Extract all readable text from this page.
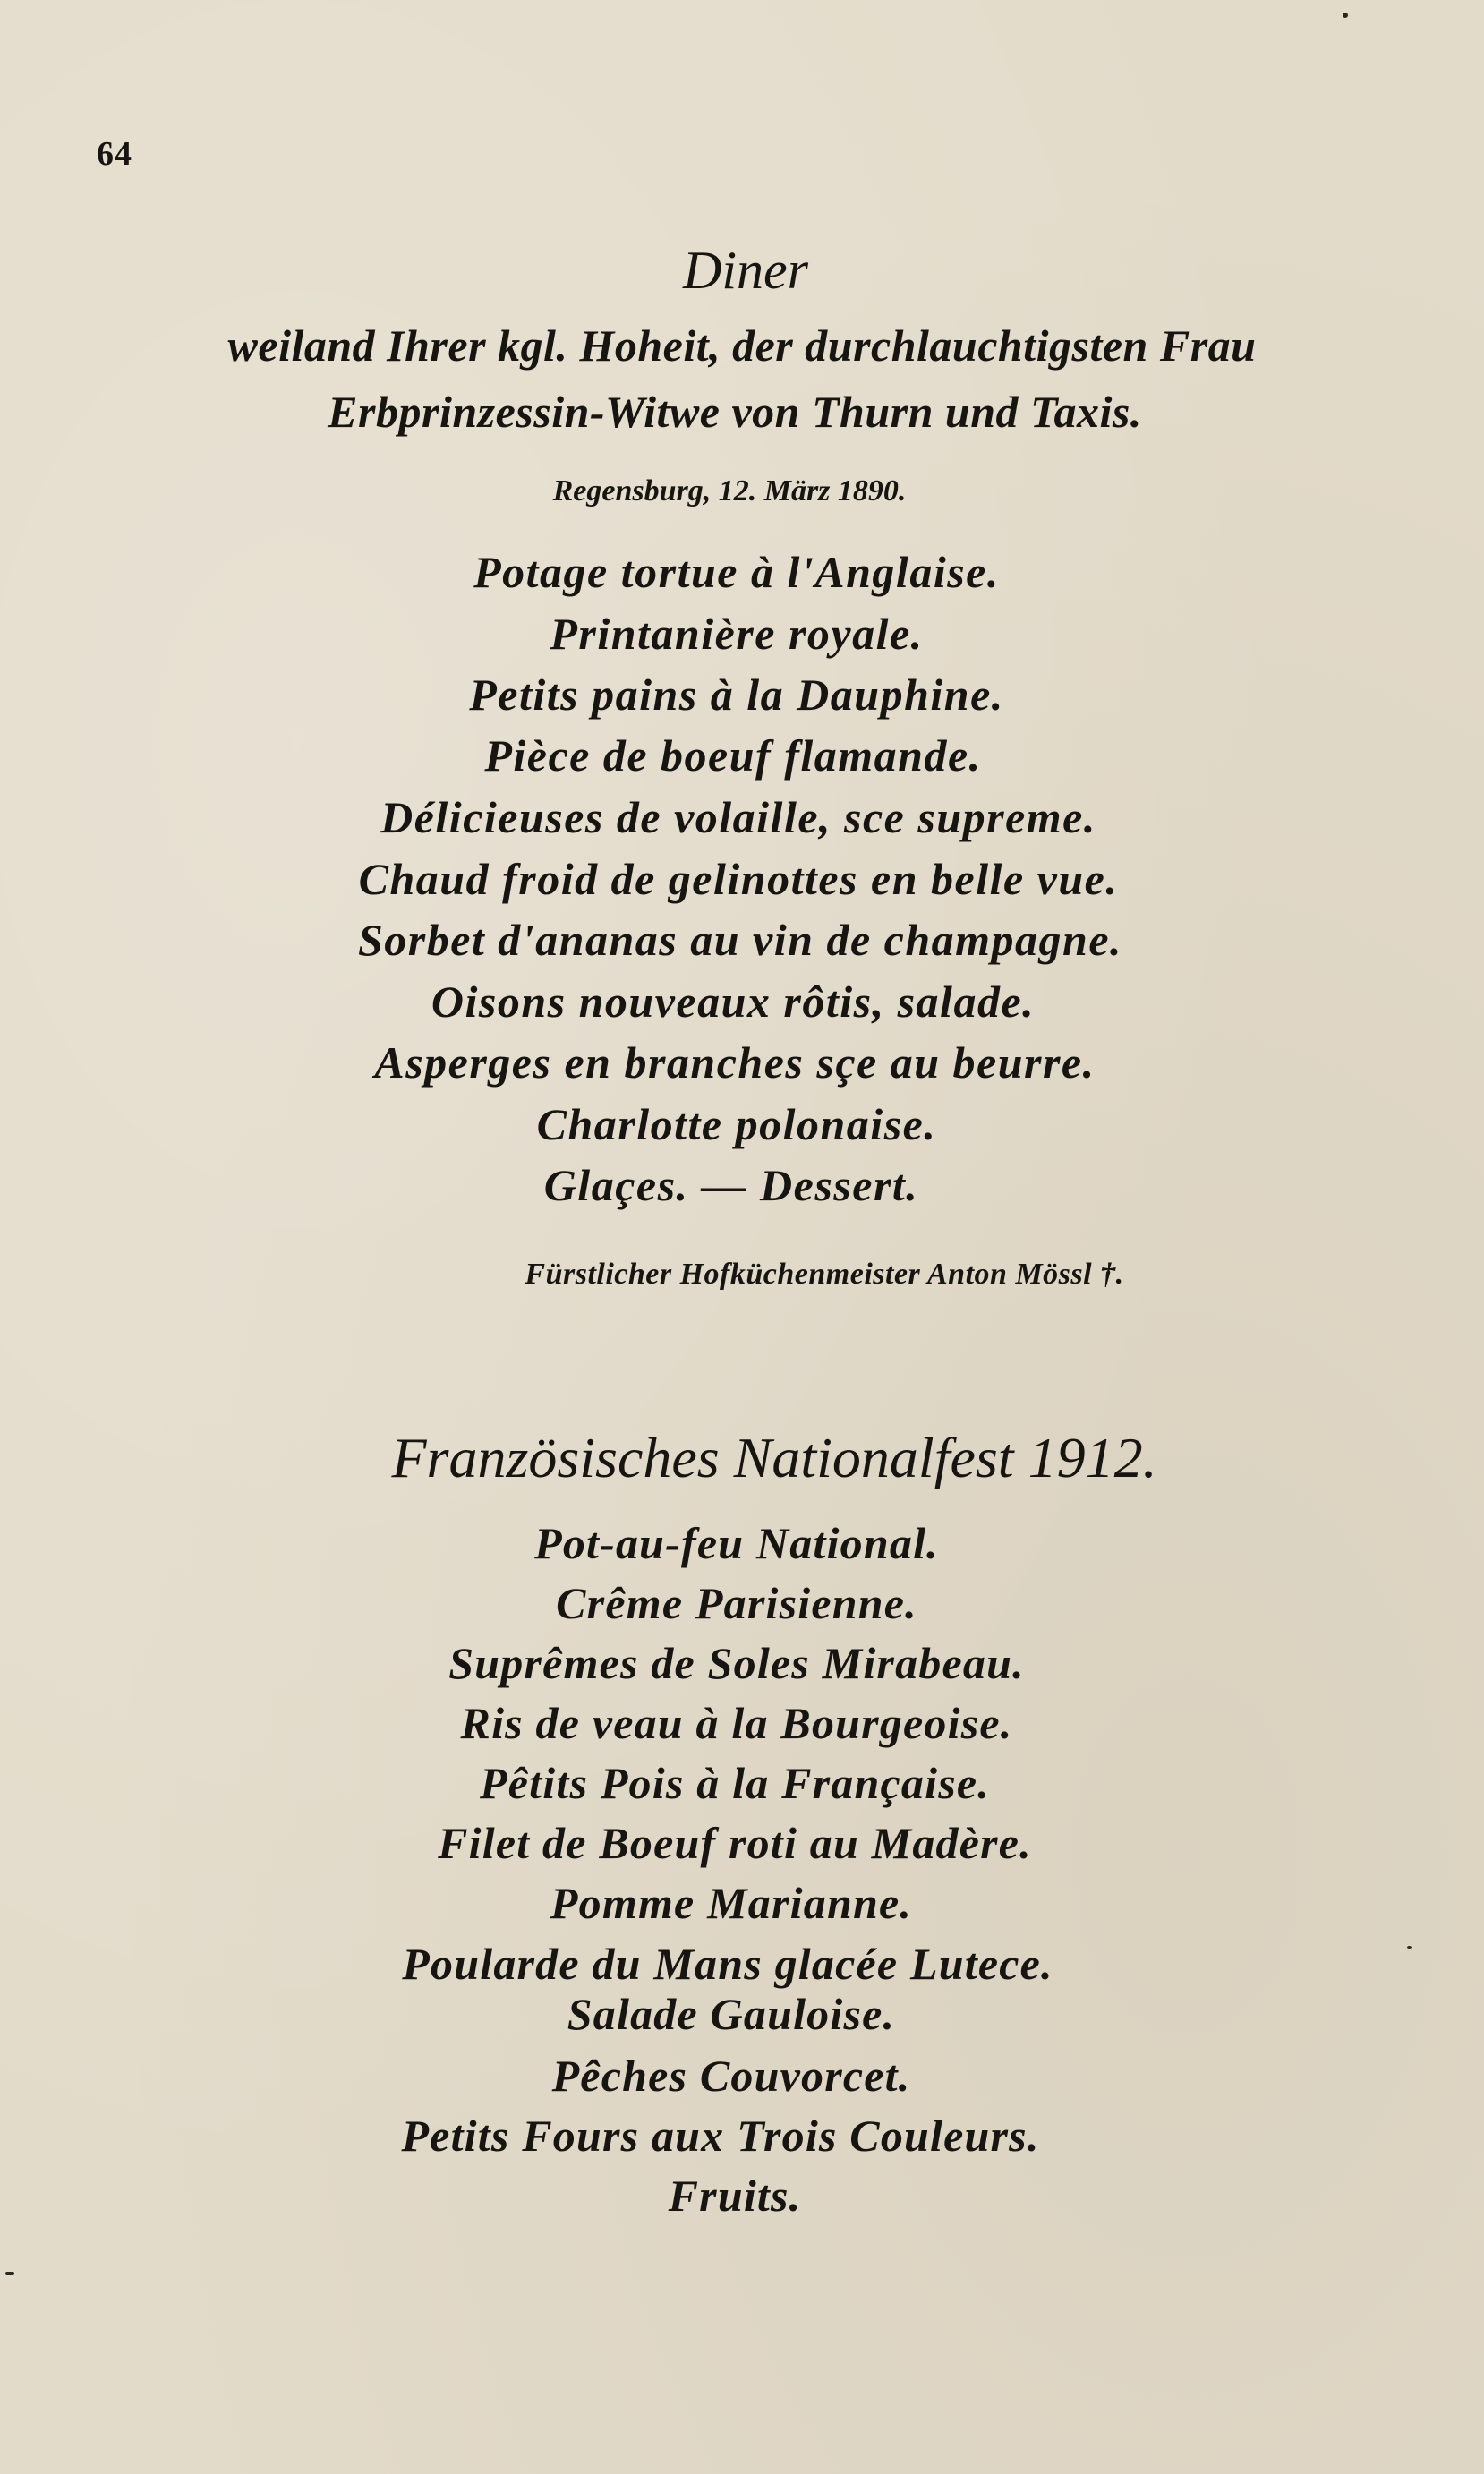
64
Diner
weiland Ihrer kgl. Hoheit, der durchlauchtigsten Frau
Erbprinzessin-Witwe von Thurn und Taxis.
Regensburg, 12. März 1890.
Potage tortue à l'Anglaise.
Printanière royale.
Petits pains à la Dauphine.
Pièce de boeuf flamande.
Délicieuses de volaille, sce supreme.
Chaud froid de gelinottes en belle vue.
Sorbet d'ananas au vin de champagne.
Oisons nouveaux rôtis, salade.
Asperges en branches sçe au beurre.
Charlotte polonaise.
Glaçes. — Dessert.
Fürstlicher Hofküchenmeister Anton Mössl †.
Französisches Nationalfest 1912.
Pot-au-feu National.
Crême Parisienne.
Suprêmes de Soles Mirabeau.
Ris de veau à la Bourgeoise.
Pêtits Pois à la Française.
Filet de Boeuf roti au Madère.
Pomme Marianne.
Poularde du Mans glacée Lutece.
Salade Gauloise.
Pêches Couvorcet.
Petits Fours aux Trois Couleurs.
Fruits.
